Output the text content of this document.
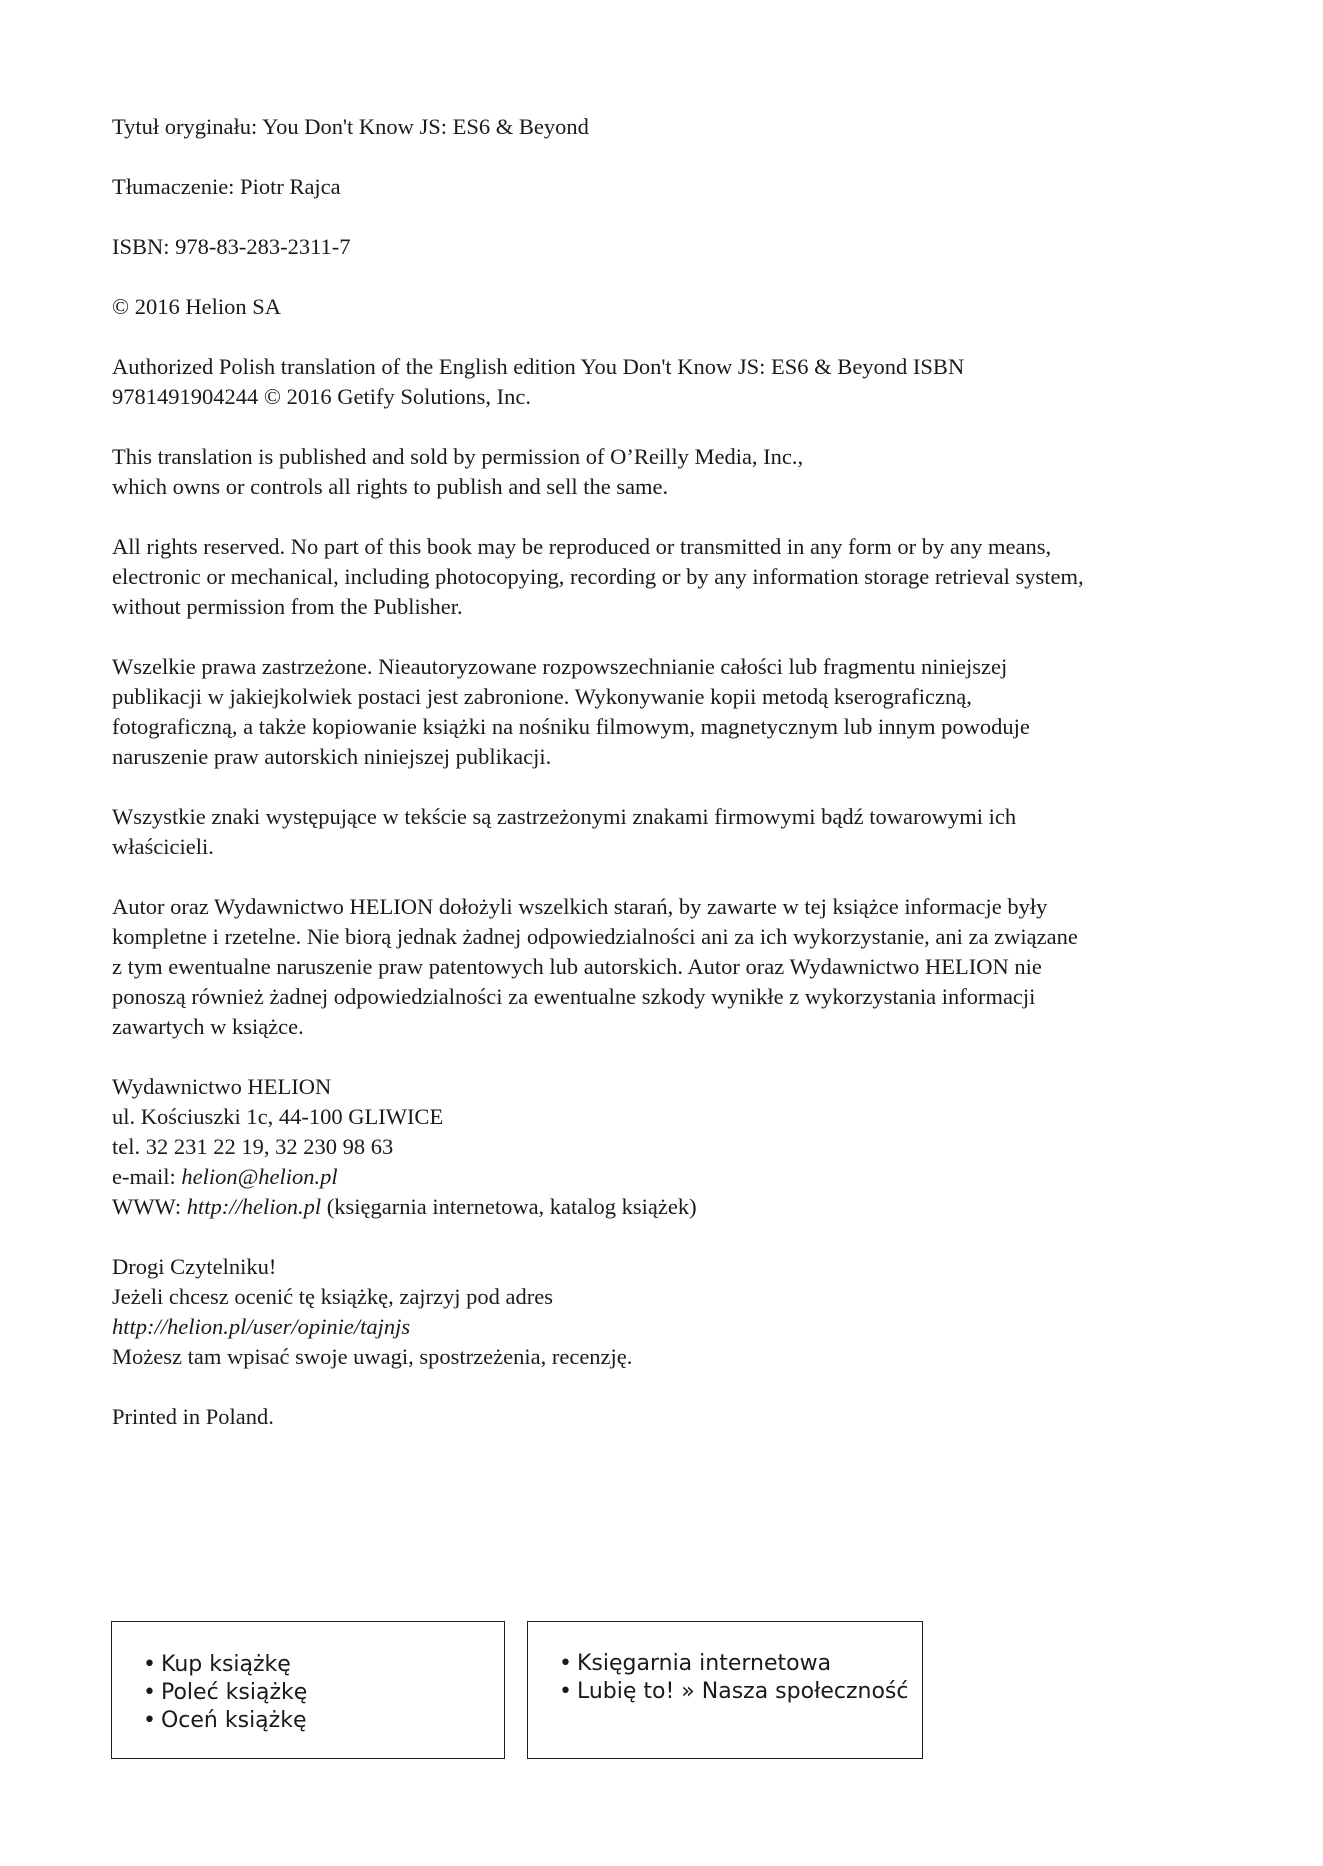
Tytuł oryginału: You Don't Know JS: ES6 & Beyond

Tłumaczenie: Piotr Rajca

ISBN: 978-83-283-2311-7

© 2016 Helion SA

Authorized Polish translation of the English edition You Don't Know JS: ES6 & Beyond ISBN
9781491904244 © 2016 Getify Solutions, Inc.

This translation is published and sold by permission of O’Reilly Media, Inc.,
which owns or controls all rights to publish and sell the same.

All rights reserved. No part of this book may be reproduced or transmitted in any form or by any means,
electronic or mechanical, including photocopying, recording or by any information storage retrieval system,
without permission from the Publisher.

Wszelkie prawa zastrzeżone. Nieautoryzowane rozpowszechnianie całości lub fragmentu niniejszej
publikacji w jakiejkolwiek postaci jest zabronione. Wykonywanie kopii metodą kserograficzną,
fotograficzną, a także kopiowanie książki na nośniku filmowym, magnetycznym lub innym powoduje
naruszenie praw autorskich niniejszej publikacji.

Wszystkie znaki występujące w tekście są zastrzeżonymi znakami firmowymi bądź towarowymi ich
właścicieli.

Autor oraz Wydawnictwo HELION dołożyli wszelkich starań, by zawarte w tej książce informacje były
kompletne i rzetelne. Nie biorą jednak żadnej odpowiedzialności ani za ich wykorzystanie, ani za związane
z tym ewentualne naruszenie praw patentowych lub autorskich. Autor oraz Wydawnictwo HELION nie
ponoszą również żadnej odpowiedzialności za ewentualne szkody wynikłe z wykorzystania informacji
zawartych w książce.

Wydawnictwo HELION
ul. Kościuszki 1c, 44-100 GLIWICE
tel. 32 231 22 19, 32 230 98 63
e-mail: helion@helion.pl
WWW: http://helion.pl (księgarnia internetowa, katalog książek)

Drogi Czytelniku!
Jeżeli chcesz ocenić tę książkę, zajrzyj pod adres
http://helion.pl/user/opinie/tajnjs
Możesz tam wpisać swoje uwagi, spostrzeżenia, recenzję.

Printed in Poland.

• Kup książkę
• Poleć książkę
• Oceń książkę
• Księgarnia internetowa
• Lubię to! » Nasza społeczność
